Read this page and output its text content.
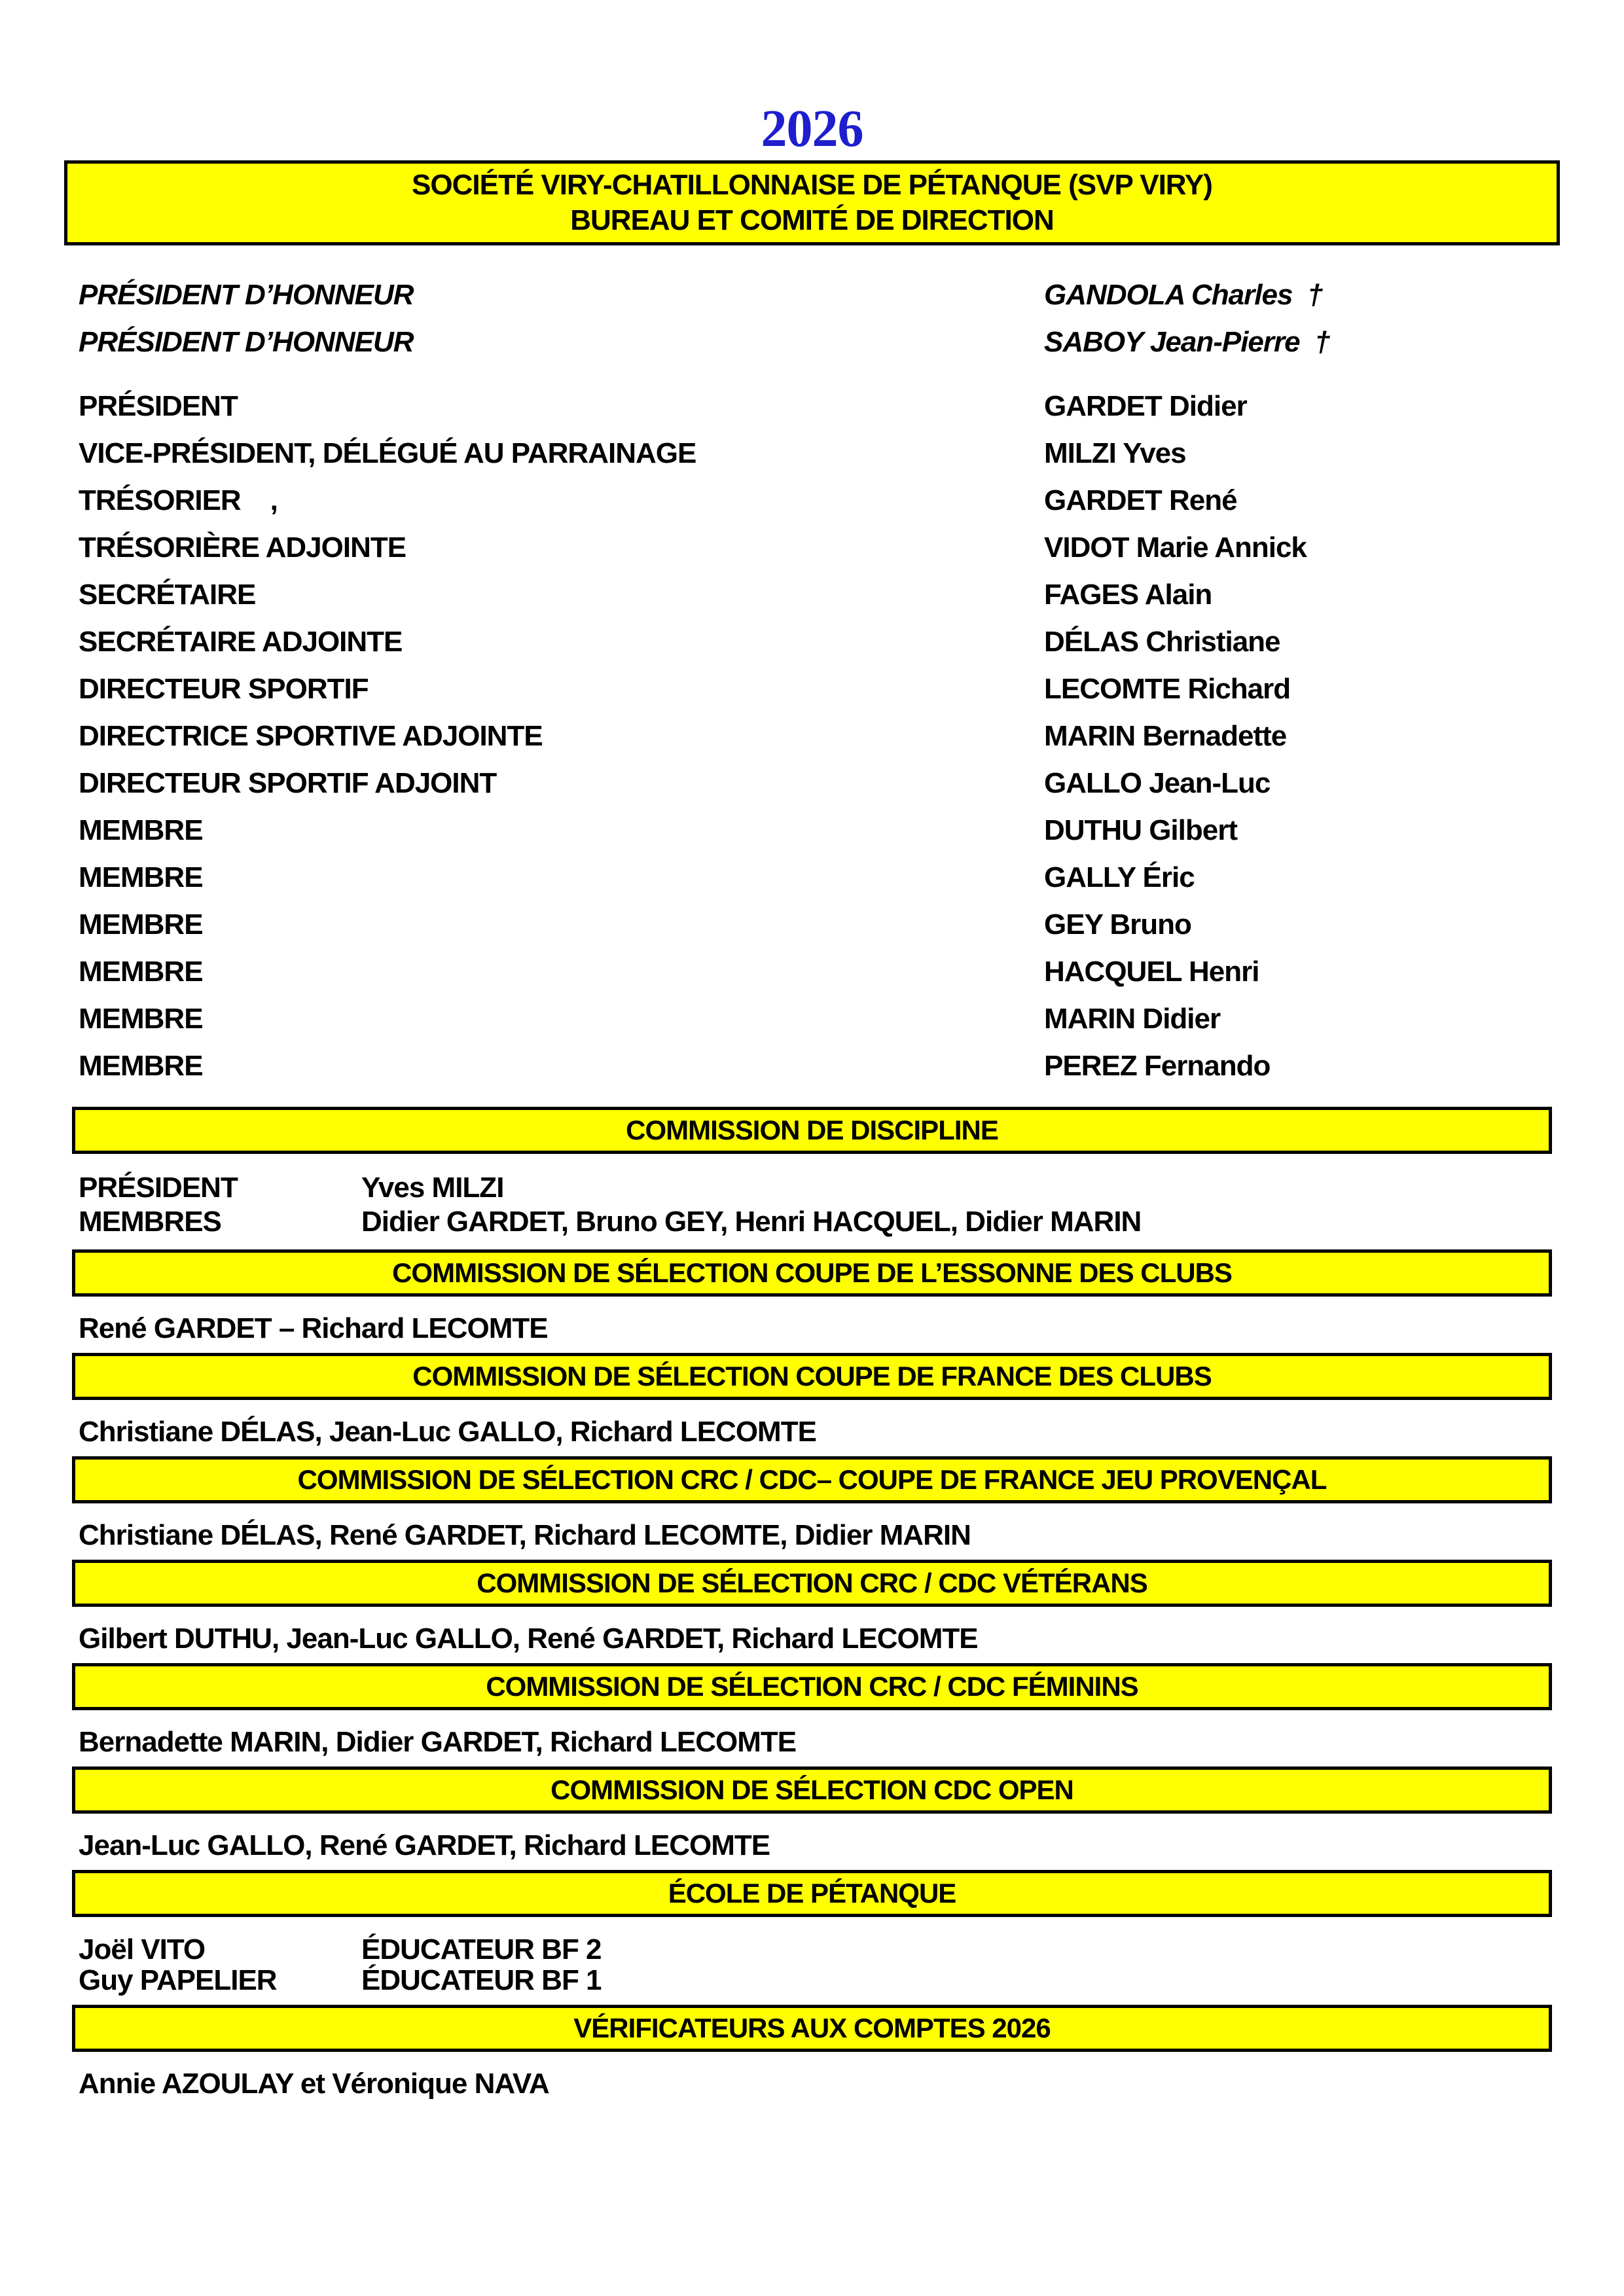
2026
SOCIÉTÉ VIRY-CHATILLONNAISE DE PÉTANQUE (SVP VIRY)
BUREAU ET COMITÉ DE DIRECTION
PRÉSIDENT D’HONNEUR	GANDOLA Charles  †
PRÉSIDENT D’HONNEUR	SABOY Jean-Pierre  †
PRÉSIDENT	GARDET Didier
VICE-PRÉSIDENT, DÉLÉGUÉ AU PARRAINAGE	MILZI Yves
TRÉSORIER    ,	GARDET René
TRÉSORIÈRE ADJOINTE	VIDOT Marie Annick
SECRÉTAIRE	FAGES Alain
SECRÉTAIRE ADJOINTE	DÉLAS Christiane
DIRECTEUR SPORTIF	LECOMTE Richard
DIRECTRICE SPORTIVE ADJOINTE	MARIN Bernadette
DIRECTEUR SPORTIF ADJOINT	GALLO Jean-Luc
MEMBRE	DUTHU Gilbert
MEMBRE	GALLY Éric
MEMBRE	GEY Bruno
MEMBRE	HACQUEL Henri
MEMBRE	MARIN Didier
MEMBRE	PEREZ Fernando
COMMISSION DE DISCIPLINE
PRÉSIDENT	Yves MILZI
MEMBRES	Didier GARDET, Bruno GEY, Henri HACQUEL, Didier MARIN
COMMISSION DE SÉLECTION COUPE DE L’ESSONNE DES CLUBS
René GARDET – Richard LECOMTE
COMMISSION DE SÉLECTION COUPE DE FRANCE DES CLUBS
Christiane DÉLAS, Jean-Luc GALLO, Richard LECOMTE
COMMISSION DE SÉLECTION CRC / CDC– COUPE DE FRANCE JEU PROVENÇAL
Christiane DÉLAS, René GARDET, Richard LECOMTE, Didier MARIN
COMMISSION DE SÉLECTION CRC / CDC VÉTÉRANS
Gilbert DUTHU, Jean-Luc GALLO, René GARDET, Richard LECOMTE
COMMISSION DE SÉLECTION CRC / CDC FÉMININS
Bernadette MARIN, Didier GARDET, Richard LECOMTE
COMMISSION DE SÉLECTION CDC OPEN
Jean-Luc GALLO, René GARDET, Richard LECOMTE
ÉCOLE DE PÉTANQUE
Joël VITO	ÉDUCATEUR BF 2
Guy PAPELIER	ÉDUCATEUR BF 1
VÉRIFICATEURS AUX COMPTES 2026
Annie AZOULAY et Véronique NAVA
